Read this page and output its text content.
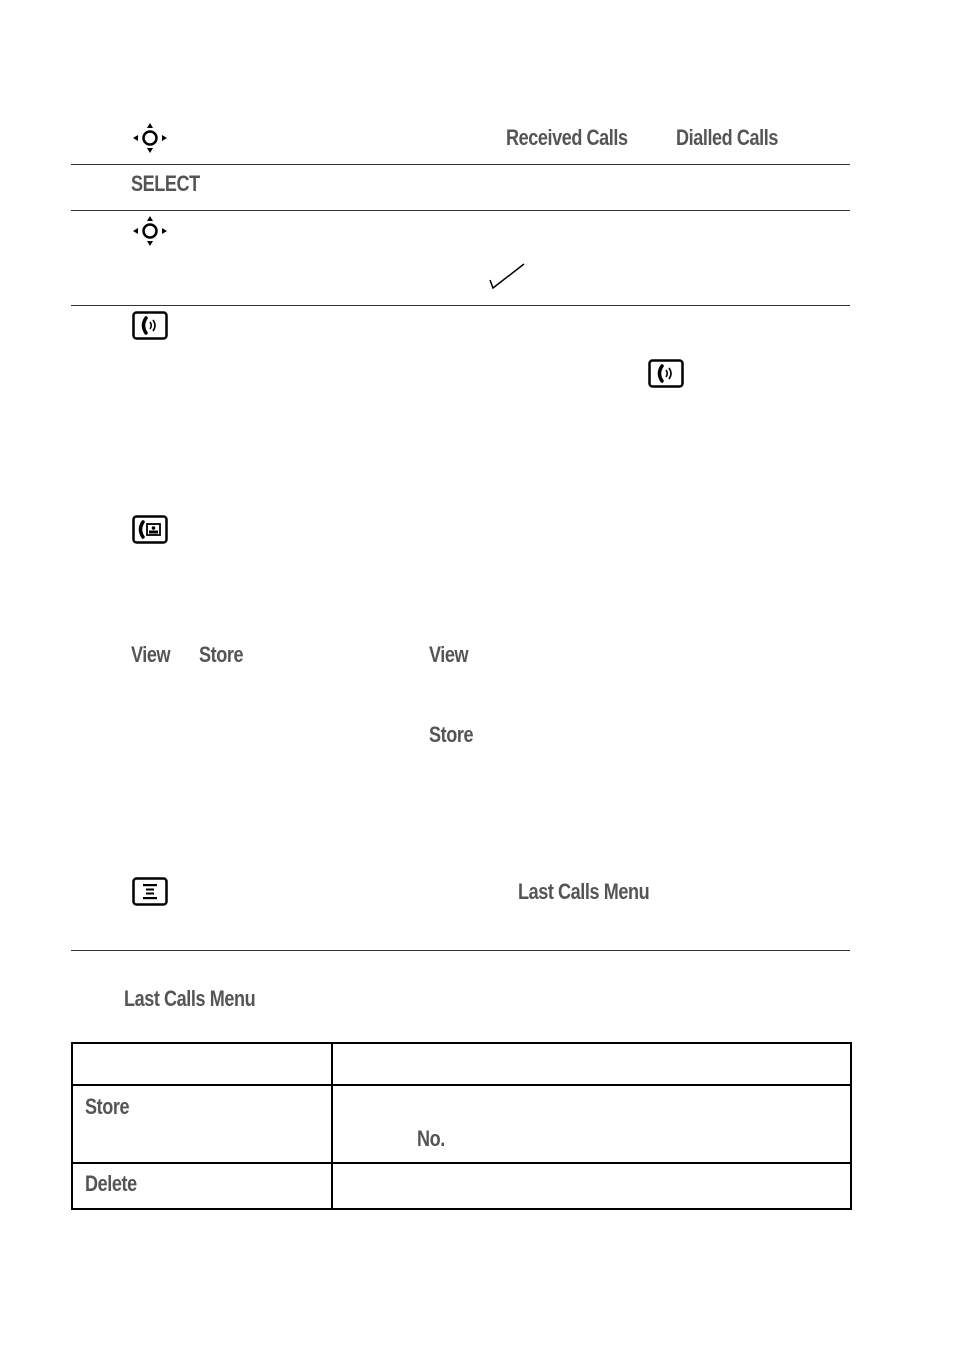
Received Calls Dialled Calls
SELECT
View Store	View
Store
Last Calls Menu
Last Calls Menu

Store	No.

Delete	
